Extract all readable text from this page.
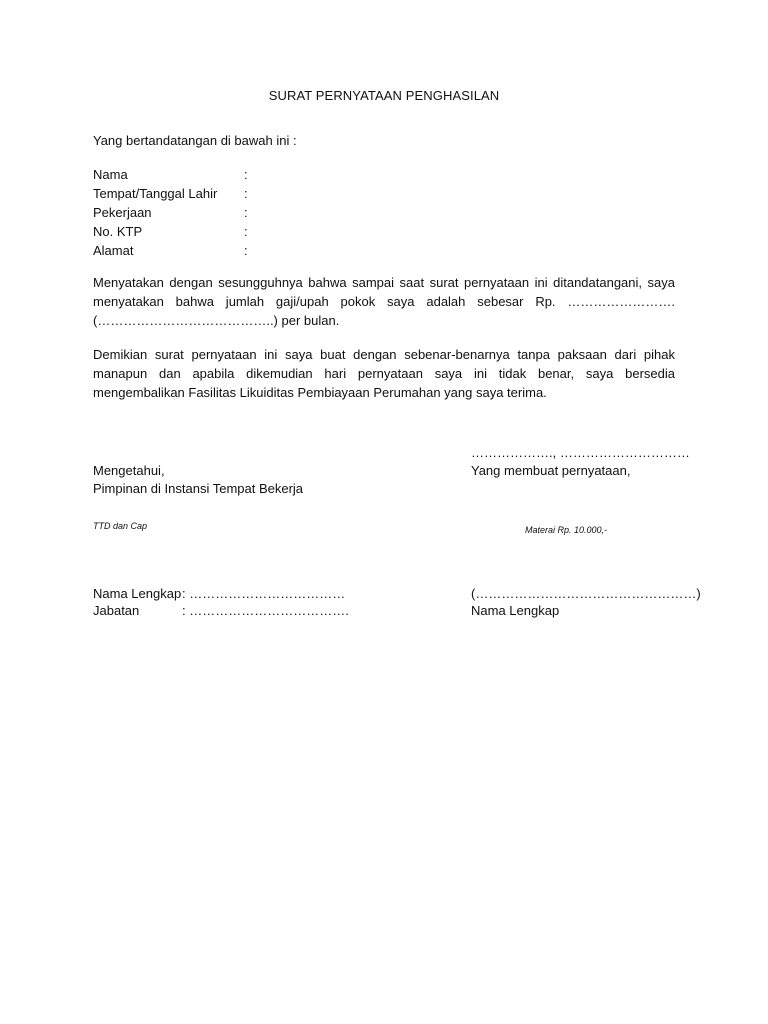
SURAT PERNYATAAN PENGHASILAN
Yang bertandatangan di bawah ini :
Nama	:
Tempat/Tanggal Lahir	:
Pekerjaan	:
No. KTP	:
Alamat	:
Menyatakan dengan sesungguhnya bahwa sampai saat surat pernyataan ini ditandatangani, saya menyatakan bahwa jumlah gaji/upah pokok saya adalah sebesar Rp. ……………………. (…………………………………..) per bulan.
Demikian surat pernyataan ini saya buat dengan sebenar-benarnya tanpa paksaan dari pihak manapun dan apabila dikemudian hari pernyataan saya ini tidak benar, saya bersedia mengembalikan Fasilitas Likuiditas Pembiayaan Perumahan yang saya terima.
………………., …………………………
Mengetahui,
Pimpinan di Instansi Tempat Bekerja
Yang membuat pernyataan,
TTD dan Cap	Materai Rp. 10.000,-
Nama Lengkap : ………………………………
Jabatan	: ……………………………….
(……………………………………………)
Nama Lengkap
